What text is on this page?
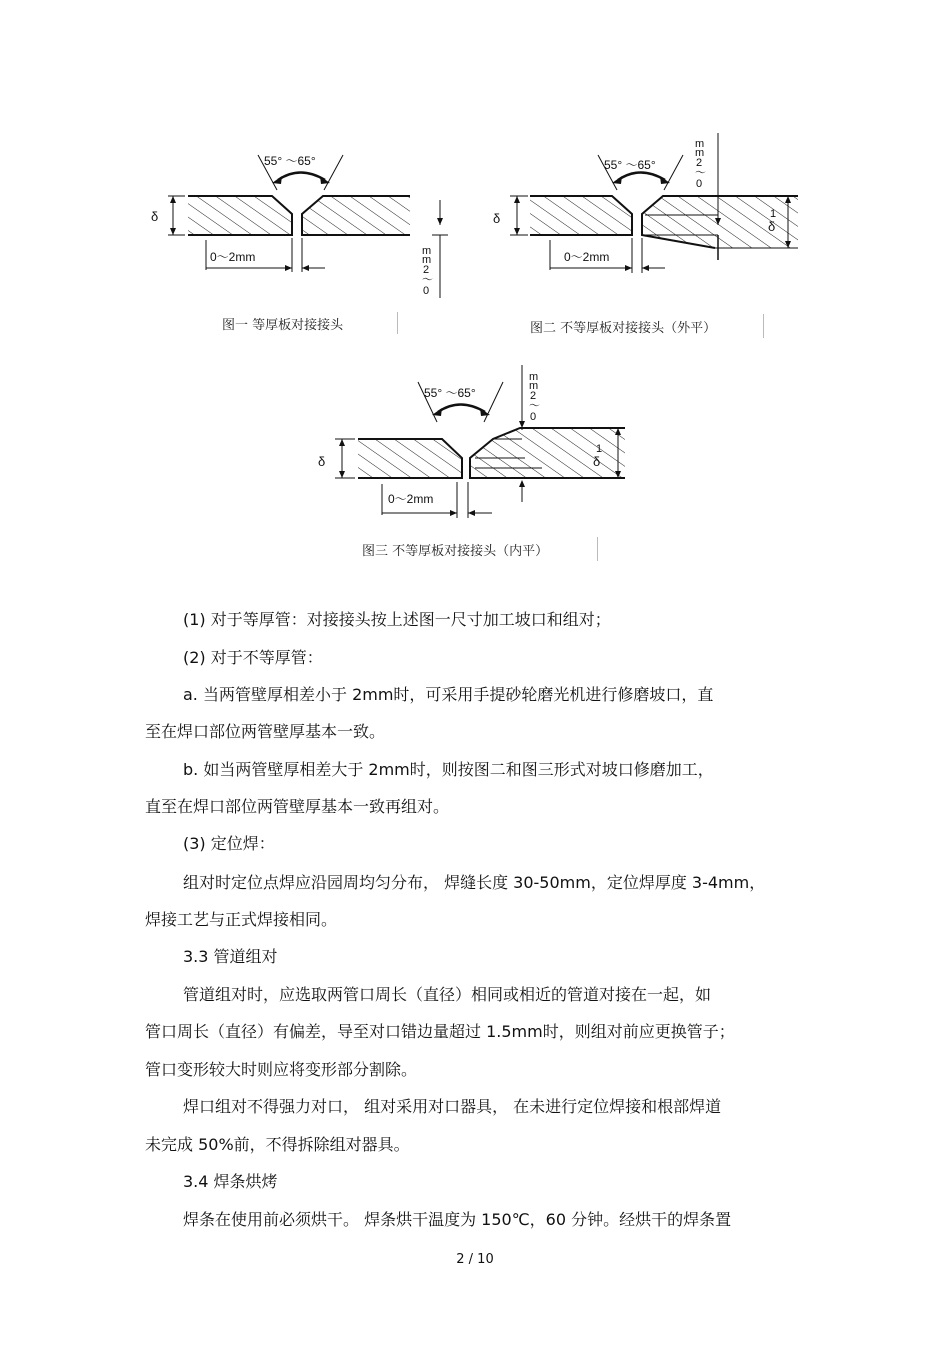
55° ～65°
δ
0～2mm	m
m
2
～
0
图一 等厚板对接接头
55° ～65°
δ	1
δ
m
m
2
～
0
0～2mm
图二 不等厚板对接接头（外平）
55° ～65°
δ
1
δ
m
m
2
～
0
0～2mm
图三 不等厚板对接接头（内平）
(1) 对于等厚管：对接接头按上述图一尺寸加工坡口和组对；
(2) 对于不等厚管：
a. 当两管壁厚相差小于 2mm时，可采用手提砂轮磨光机进行修磨坡口，直
至在焊口部位两管壁厚基本一致。
b. 如当两管壁厚相差大于 2mm时，则按图二和图三形式对坡口修磨加工，
直至在焊口部位两管壁厚基本一致再组对。
(3) 定位焊：
组对时定位点焊应沿园周均匀分布， 焊缝长度 30-50mm，定位焊厚度 3-4mm，
焊接工艺与正式焊接相同。
3.3 管道组对
管道组对时，应选取两管口周长（直径）相同或相近的管道对接在一起，如
管口周长（直径）有偏差，导至对口错边量超过 1.5mm时，则组对前应更换管子；
管口变形较大时则应将变形部分割除。
焊口组对不得强力对口， 组对采用对口器具， 在未进行定位焊接和根部焊道
未完成 50%前，不得拆除组对器具。
3.4 焊条烘烤
焊条在使用前必须烘干。 焊条烘干温度为 150℃，60 分钟。经烘干的焊条置
2 / 10
